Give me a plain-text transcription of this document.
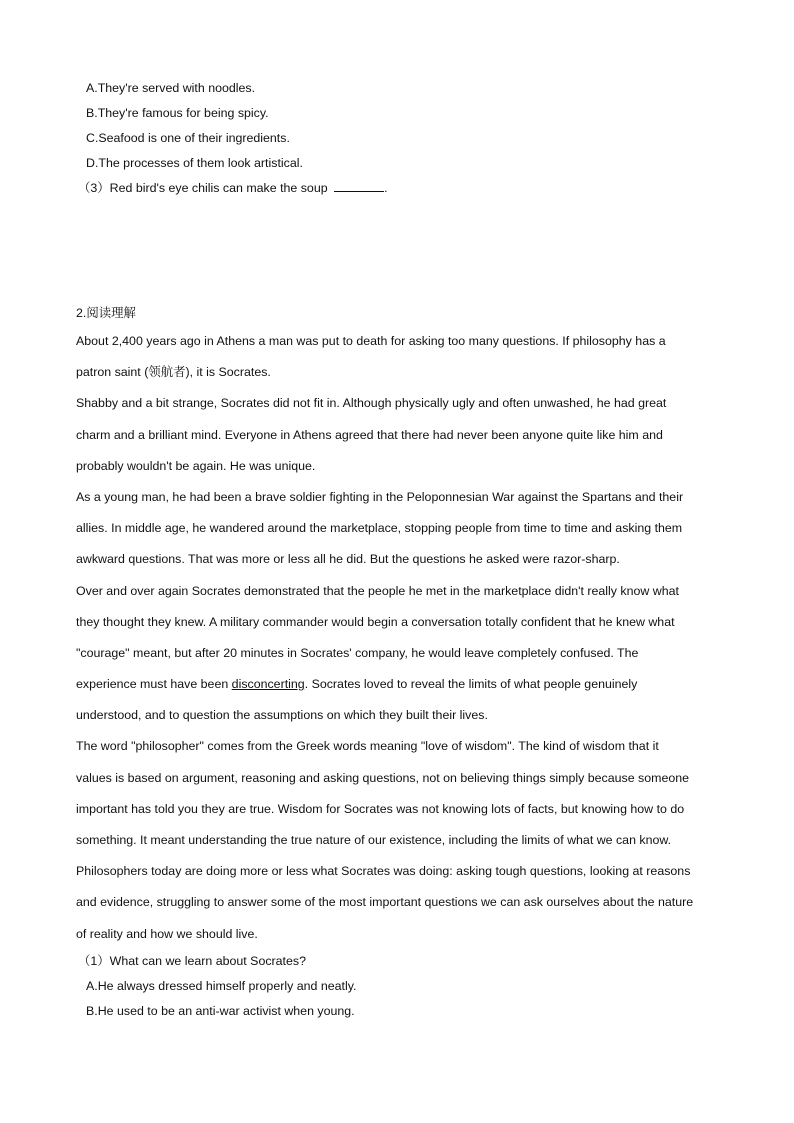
A.They're served with noodles.
B.They're famous for being spicy.
C.Seafood is one of their ingredients.
D.The processes of them look artistical.
（3）Red bird's eye chilis can make the soup	.
2.阅读理解
About 2,400 years ago in Athens a man was put to death for asking too many questions. If philosophy has a
patron saint (领航者), it is Socrates.
Shabby and a bit strange, Socrates did not fit in. Although physically ugly and often unwashed, he had great
charm and a brilliant mind. Everyone in Athens agreed that there had never been anyone quite like him and
probably wouldn't be again. He was unique.
As a young man, he had been a brave soldier fighting in the Peloponnesian War against the Spartans and their
allies. In middle age, he wandered around the marketplace, stopping people from time to time and asking them
awkward questions. That was more or less all he did. But the questions he asked were razor-sharp.
Over and over again Socrates demonstrated that the people he met in the marketplace didn't really know what
they thought they knew. A military commander would begin a conversation totally confident that he knew what
"courage" meant, but after 20 minutes in Socrates' company, he would leave completely confused. The
experience must have been disconcerting. Socrates loved to reveal the limits of what people genuinely
understood, and to question the assumptions on which they built their lives.
The word "philosopher" comes from the Greek words meaning "love of wisdom". The kind of wisdom that it
values is based on argument, reasoning and asking questions, not on believing things simply because someone
important has told you they are true. Wisdom for Socrates was not knowing lots of facts, but knowing how to do
something. It meant understanding the true nature of our existence, including the limits of what we can know.
Philosophers today are doing more or less what Socrates was doing: asking tough questions, looking at reasons
and evidence, struggling to answer some of the most important questions we can ask ourselves about the nature
of reality and how we should live.
（1）What can we learn about Socrates?
A.He always dressed himself properly and neatly.
B.He used to be an anti-war activist when young.
